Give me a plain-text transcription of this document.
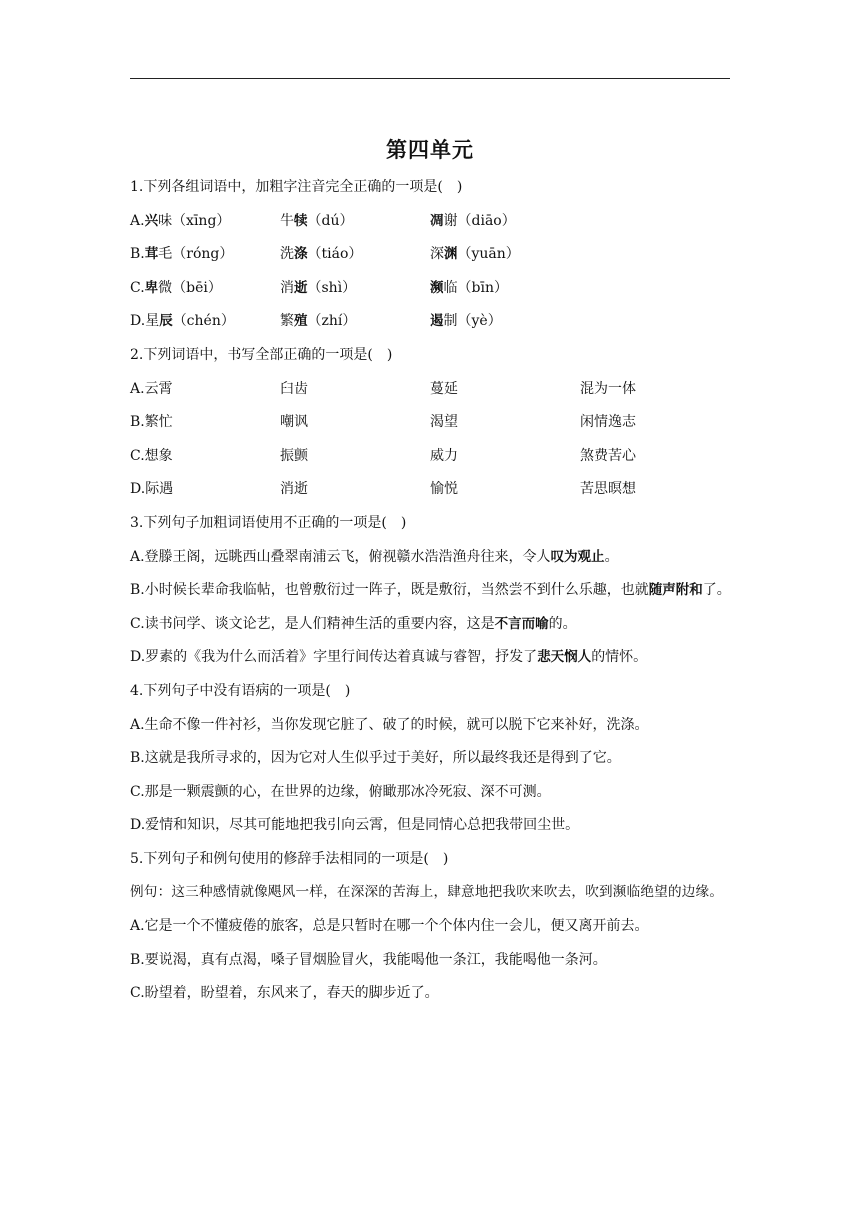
第四单元
1.下列各组词语中，加粗字注音完全正确的一项是( )
A.兴味（xīng）	牛犊（dú）	凋谢（diāo）
B.茸毛（róng）	洗涤（tiáo）	深渊（yuān）
C.卑微（bēi）	消逝（shì）	濒临（bīn）
D.星辰（chén）	繁殖（zhí）	遏制（yè）
2.下列词语中，书写全部正确的一项是( )
A.云霄	臼齿	蔓延	混为一体
B.繁忙	嘲讽	渴望	闲情逸志
C.想象	振颤	威力	煞费苦心
D.际遇	消逝	愉悦	苦思暝想
3.下列句子加粗词语使用不正确的一项是( )
A.登滕王阁，远眺西山叠翠南浦云飞，俯视赣水浩浩渔舟往来，令人叹为观止。
B.小时候长辈命我临帖，也曾敷衍过一阵子，既是敷衍，当然尝不到什么乐趣，也就随声附和了。
C.读书问学、谈文论艺，是人们精神生活的重要内容，这是不言而喻的。
D.罗素的《我为什么而活着》字里行间传达着真诚与睿智，抒发了悲天悯人的情怀。
4.下列句子中没有语病的一项是( )
A.生命不像一件衬衫，当你发现它脏了、破了的时候，就可以脱下它来补好，洗涤。
B.这就是我所寻求的，因为它对人生似乎过于美好，所以最终我还是得到了它。
C.那是一颗震颤的心，在世界的边缘，俯瞰那冰冷死寂、深不可测。
D.爱情和知识，尽其可能地把我引向云霄，但是同情心总把我带回尘世。
5.下列句子和例句使用的修辞手法相同的一项是( )
例句：这三种感情就像飓风一样，在深深的苦海上，肆意地把我吹来吹去，吹到濒临绝望的边缘。
A.它是一个不懂疲倦的旅客，总是只暂时在哪一个个体内住一会儿，便又离开前去。
B.要说渴，真有点渴，嗓子冒烟脸冒火，我能喝他一条江，我能喝他一条河。
C.盼望着，盼望着，东风来了，春天的脚步近了。
